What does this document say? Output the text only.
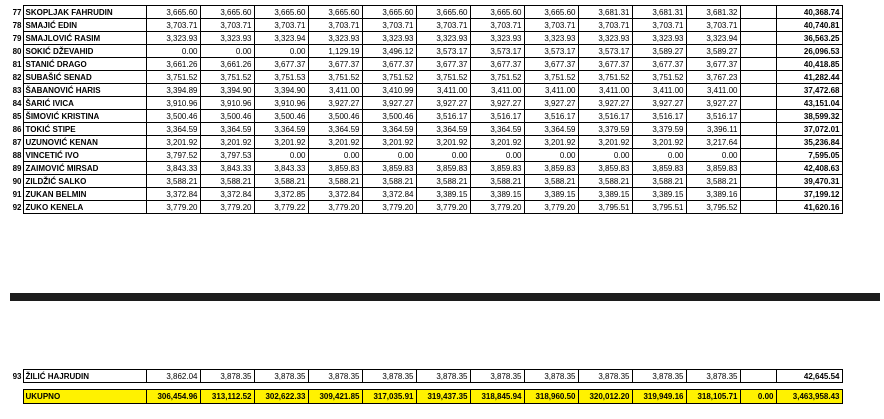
77	SKOPLJAK FAHRUDIN	3,665.60	3,665.60	3,665.60	3,665.60	3,665.60	3,665.60	3,665.60	3,665.60	3,681.31	3,681.31	3,681.32		40,368.74
78	SMAJIĆ EDIN	3,703.71	3,703.71	3,703.71	3,703.71	3,703.71	3,703.71	3,703.71	3,703.71	3,703.71	3,703.71	3,703.71		40,740.81
79	SMAJLOVIĆ RASIM	3,323.93	3,323.93	3,323.94	3,323.93	3,323.93	3,323.93	3,323.93	3,323.93	3,323.93	3,323.93	3,323.94		36,563.25
80	SOKIĆ DŽEVAHID	0.00	0.00	0.00	1,129.19	3,496.12	3,573.17	3,573.17	3,573.17	3,573.17	3,589.27	3,589.27		26,096.53
81	STANIĆ DRAGO	3,661.26	3,661.26	3,677.37	3,677.37	3,677.37	3,677.37	3,677.37	3,677.37	3,677.37	3,677.37	3,677.37		40,418.85
82	SUBAŠIĆ SENAD	3,751.52	3,751.52	3,751.53	3,751.52	3,751.52	3,751.52	3,751.52	3,751.52	3,751.52	3,751.52	3,767.23		41,282.44
83	ŠABANOVIĆ HARIS	3,394.89	3,394.90	3,394.90	3,411.00	3,410.99	3,411.00	3,411.00	3,411.00	3,411.00	3,411.00	3,411.00		37,472.68
84	ŠARIĆ IVICA	3,910.96	3,910.96	3,910.96	3,927.27	3,927.27	3,927.27	3,927.27	3,927.27	3,927.27	3,927.27	3,927.27		43,151.04
85	ŠIMOVIĆ KRISTINA	3,500.46	3,500.46	3,500.46	3,500.46	3,500.46	3,516.17	3,516.17	3,516.17	3,516.17	3,516.17	3,516.17		38,599.32
86	TOKIĆ STIPE	3,364.59	3,364.59	3,364.59	3,364.59	3,364.59	3,364.59	3,364.59	3,364.59	3,379.59	3,379.59	3,396.11		37,072.01
87	UZUNOVIĆ KENAN	3,201.92	3,201.92	3,201.92	3,201.92	3,201.92	3,201.92	3,201.92	3,201.92	3,201.92	3,201.92	3,217.64		35,236.84
88	VINCETIĆ IVO	3,797.52	3,797.53	0.00	0.00	0.00	0.00	0.00	0.00	0.00	0.00	0.00		7,595.05
89	ZAIMOVIĆ MIRSAD	3,843.33	3,843.33	3,843.33	3,859.83	3,859.83	3,859.83	3,859.83	3,859.83	3,859.83	3,859.83	3,859.83		42,408.63
90	ZILDŽIĆ SALKO	3,588.21	3,588.21	3,588.21	3,588.21	3,588.21	3,588.21	3,588.21	3,588.21	3,588.21	3,588.21	3,588.21		39,470.31
91	ZUKAN BELMIN	3,372.84	3,372.84	3,372.85	3,372.84	3,372.84	3,389.15	3,389.15	3,389.15	3,389.15	3,389.15	3,389.16		37,199.12
92	ZUKO KENELA	3,779.20	3,779.20	3,779.22	3,779.20	3,779.20	3,779.20	3,779.20	3,779.20	3,795.51	3,795.51	3,795.52		41,620.16
93	ŽILIĆ HAJRUDIN	3,862.04	3,878.35	3,878.35	3,878.35	3,878.35	3,878.35	3,878.35	3,878.35	3,878.35	3,878.35	3,878.35		42,645.54

	UKUPNO	306,454.96	313,112.52	302,622.33	309,421.85	317,035.91	319,437.35	318,845.94	318,960.50	320,012.20	319,949.16	318,105.71	0.00	3,463,958.43
